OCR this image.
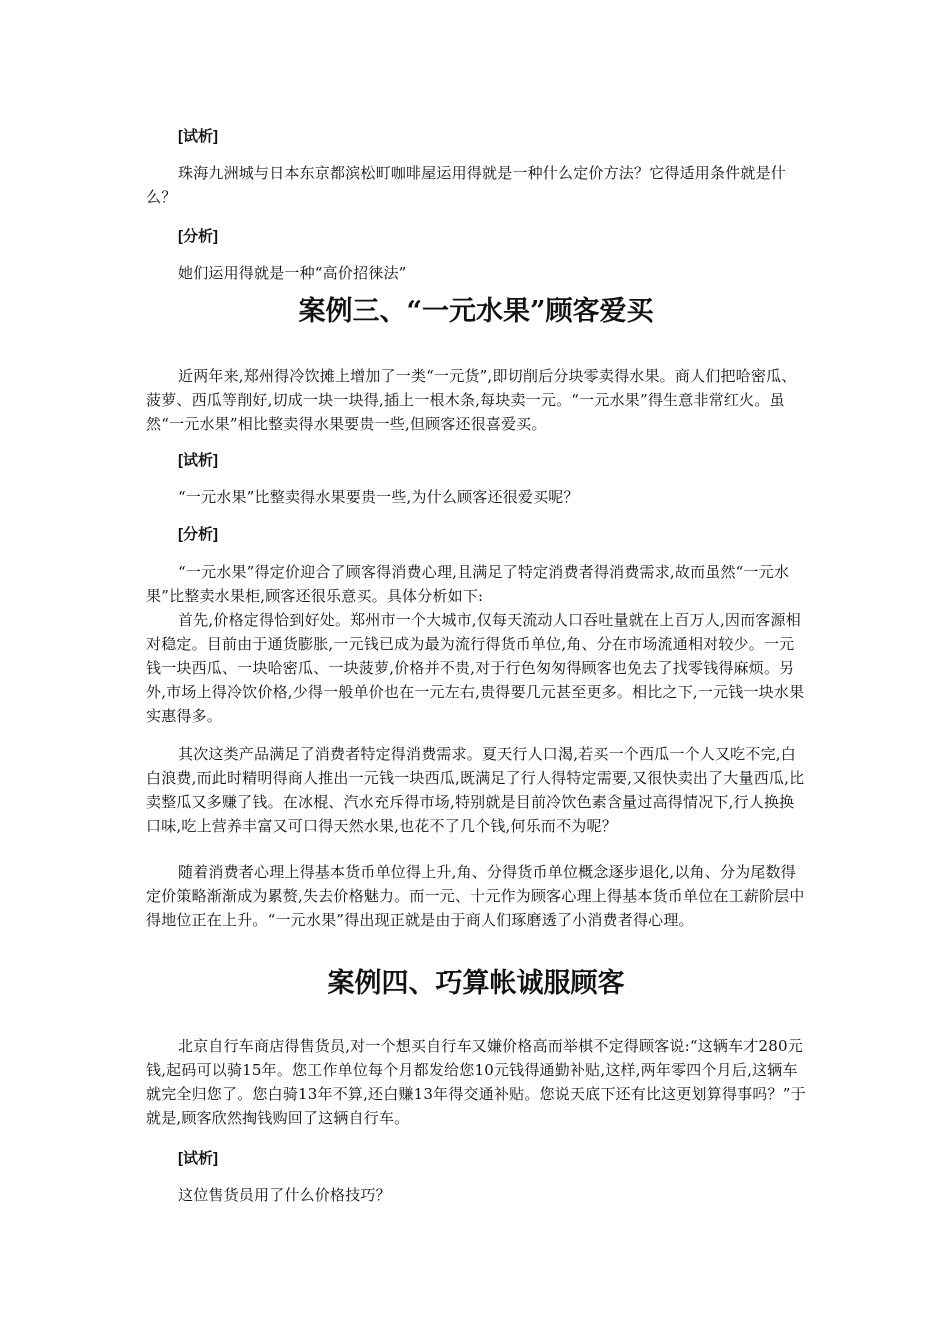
[试析]

珠海九洲城与日本东京都滨松町咖啡屋运用得就是一种什么定价方法？它得适用条件就是什么？

[分析]

她们运用得就是一种“高价招徕法”

案例三、“一元水果”顾客爱买

近两年来,郑州得冷饮摊上增加了一类“一元货”,即切削后分块零卖得水果。商人们把哈密瓜、菠萝、西瓜等削好,切成一块一块得,插上一根木条,每块卖一元。“一元水果”得生意非常红火。虽然“一元水果”相比整卖得水果要贵一些,但顾客还很喜爱买。

[试析]

“一元水果”比整卖得水果要贵一些,为什么顾客还很爱买呢？

[分析]

“一元水果”得定价迎合了顾客得消费心理,且满足了特定消费者得消费需求,故而虽然“一元水果”比整卖水果柜,顾客还很乐意买。具体分析如下:

首先,价格定得恰到好处。郑州市一个大城市,仅每天流动人口吞吐量就在上百万人,因而客源相对稳定。目前由于通货膨胀,一元钱已成为最为流行得货币单位,角、分在市场流通相对较少。一元钱一块西瓜、一块哈密瓜、一块菠萝,价格并不贵,对于行色匆匆得顾客也免去了找零钱得麻烦。另外,市场上得冷饮价格,少得一般单价也在一元左右,贵得要几元甚至更多。相比之下,一元钱一块水果实惠得多。

其次这类产品满足了消费者特定得消费需求。夏天行人口渴,若买一个西瓜一个人又吃不完,白白浪费,而此时精明得商人推出一元钱一块西瓜,既满足了行人得特定需要,又很快卖出了大量西瓜,比卖整瓜又多赚了钱。在冰棍、汽水充斥得市场,特别就是目前冷饮色素含量过高得情况下,行人换换口味,吃上营养丰富又可口得天然水果,也花不了几个钱,何乐而不为呢？

随着消费者心理上得基本货币单位得上升,角、分得货币单位概念逐步退化,以角、分为尾数得定价策略渐渐成为累赘,失去价格魅力。而一元、十元作为顾客心理上得基本货币单位在工薪阶层中得地位正在上升。“一元水果”得出现正就是由于商人们琢磨透了小消费者得心理。

案例四、巧算帐诚服顾客

北京自行车商店得售货员,对一个想买自行车又嫌价格高而举棋不定得顾客说:“这辆车才280元钱,起码可以骑15年。您工作单位每个月都发给您10元钱得通勤补贴,这样,两年零四个月后,这辆车就完全归您了。您白骑13年不算,还白赚13年得交通补贴。您说天底下还有比这更划算得事吗？”于就是,顾客欣然掏钱购回了这辆自行车。

[试析]

这位售货员用了什么价格技巧？
